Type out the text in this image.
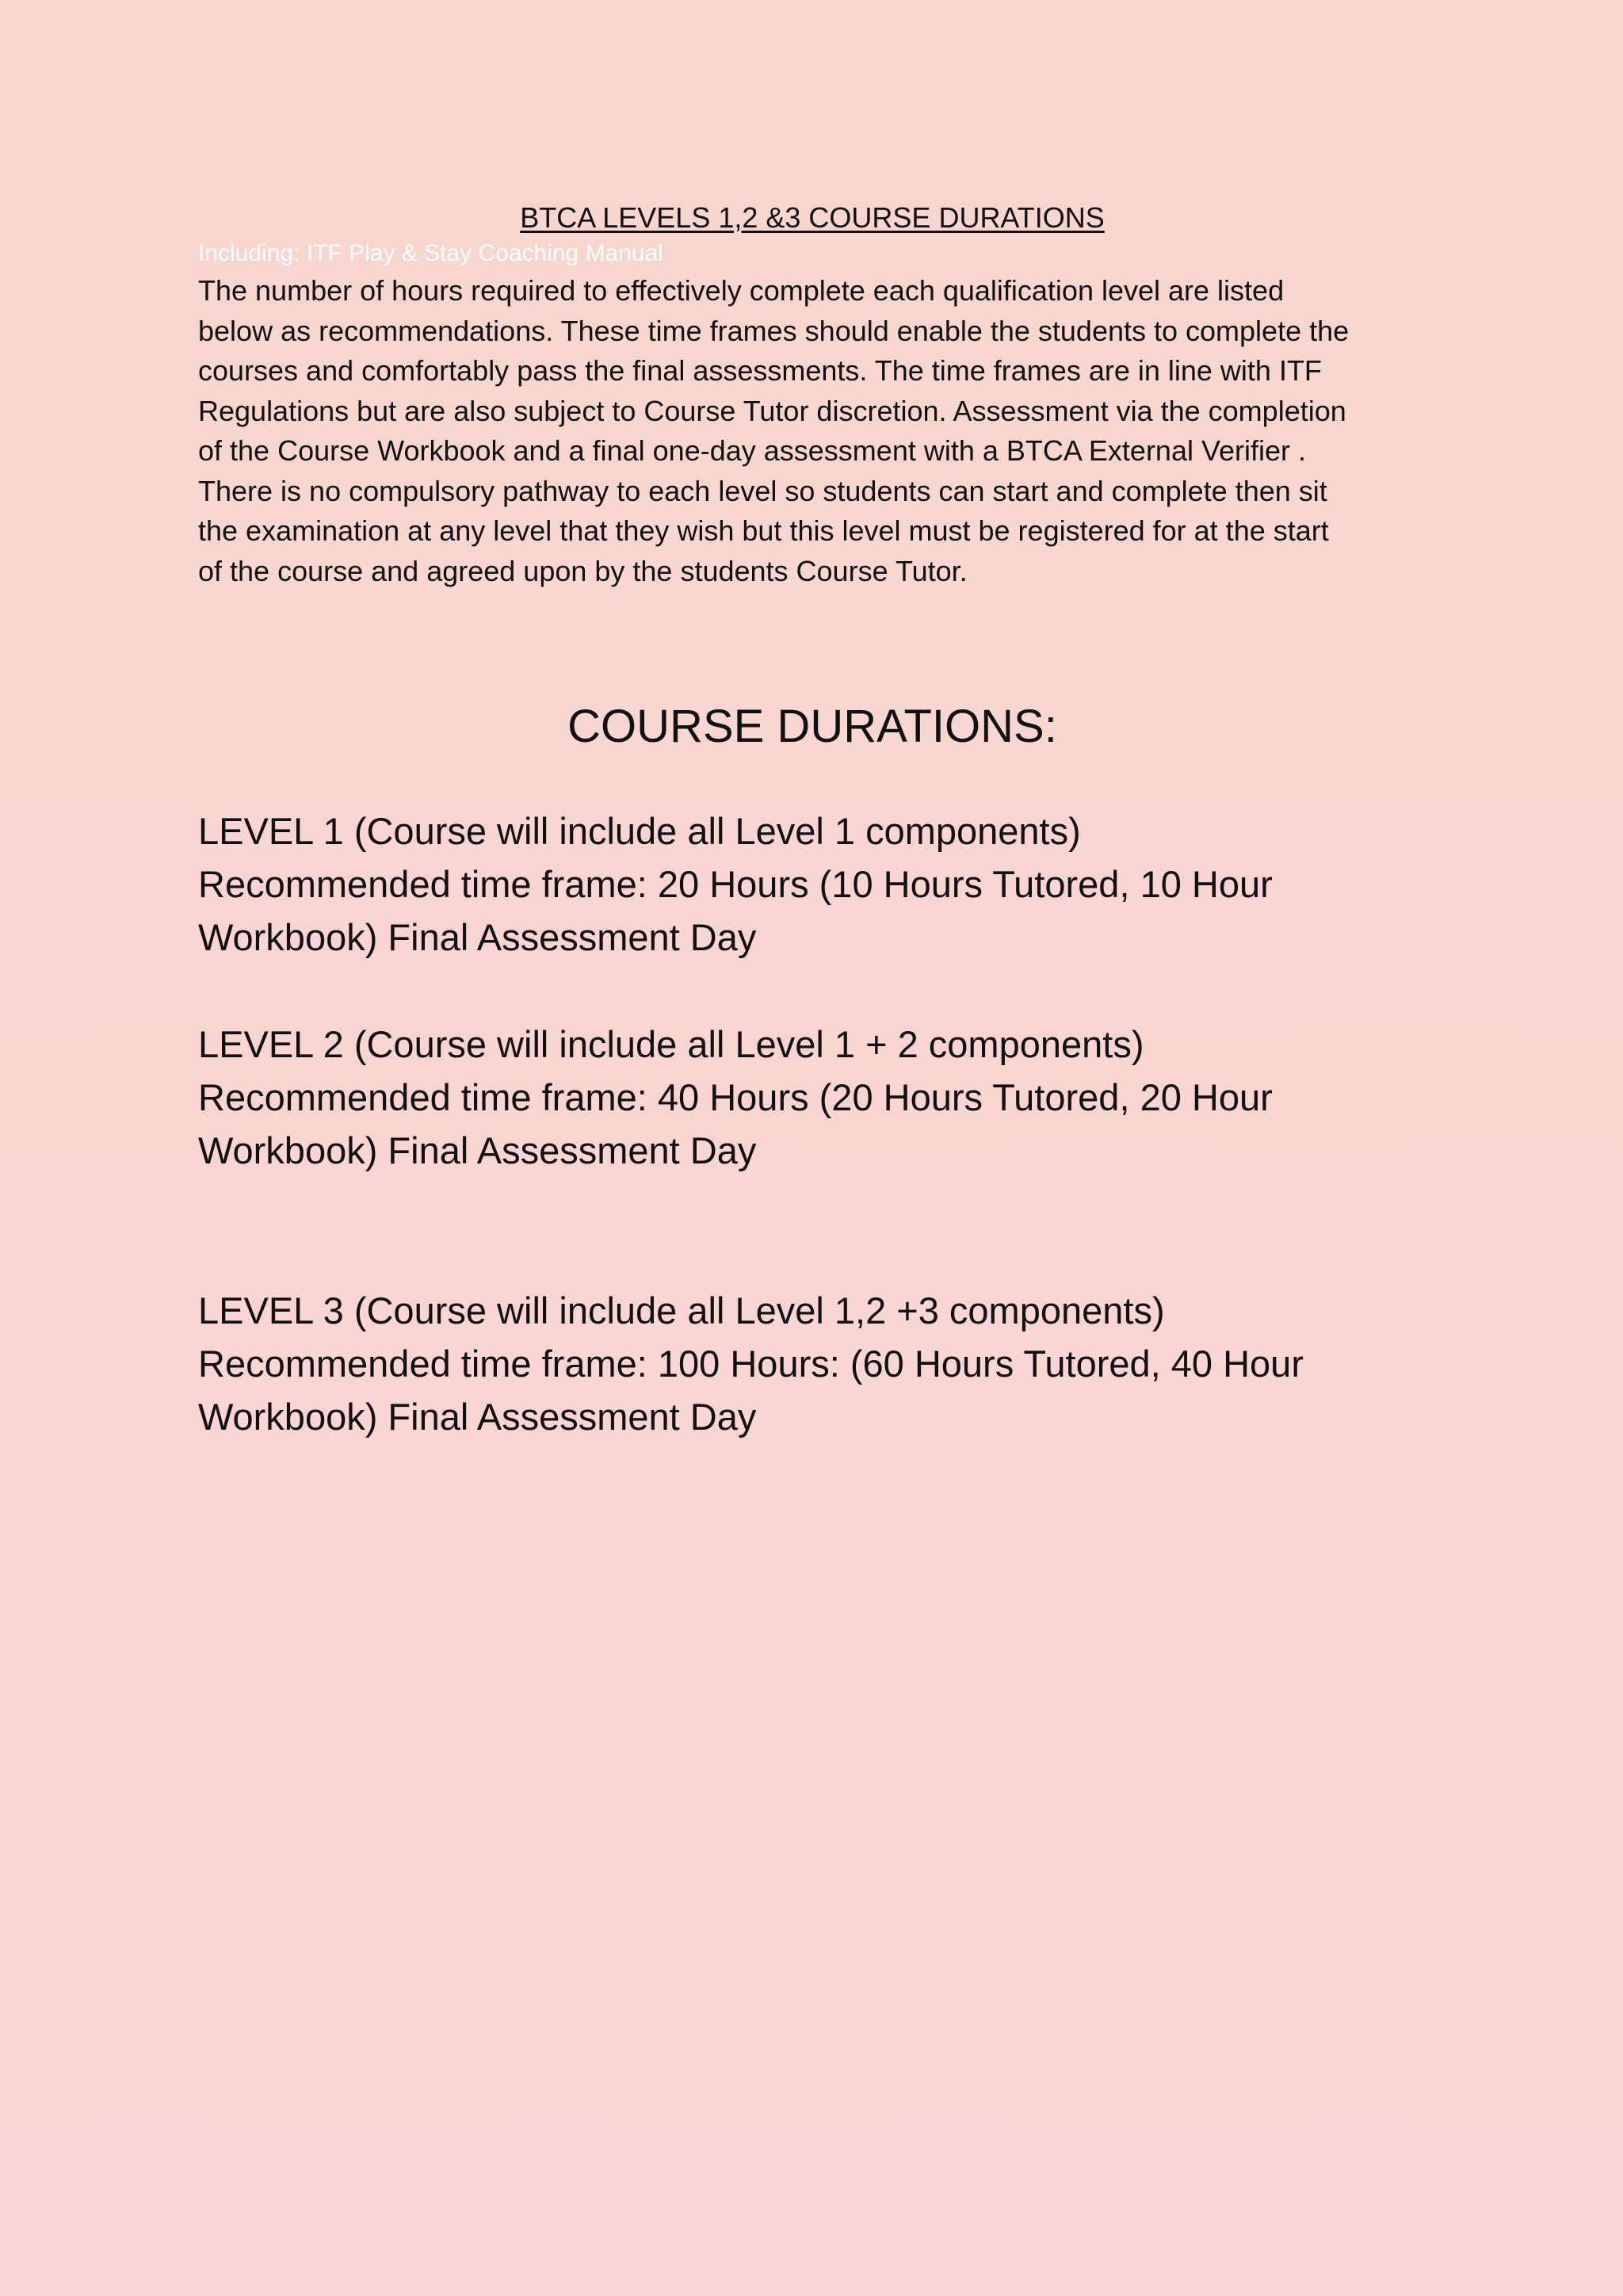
BTCA LEVELS 1,2 &3 COURSE DURATIONS

Including: ITF Play & Stay Coaching Manual

The number of hours required to effectively complete each qualification level are listed
below as recommendations. These time frames should enable the students to complete the
courses and comfortably pass the final assessments. The time frames are in line with ITF
Regulations but are also subject to Course Tutor discretion. Assessment via the completion
of the Course Workbook and a final one-day assessment with a BTCA External Verifier .
There is no compulsory pathway to each level so students can start and complete then sit
the examination at any level that they wish but this level must be registered for at the start
of the course and agreed upon by the students Course Tutor.

COURSE DURATIONS:

LEVEL 1 (Course will include all Level 1 components)

Recommended time frame: 20 Hours (10 Hours Tutored, 10 Hour

Workbook) Final Assessment Day

LEVEL 2 (Course will include all Level 1 + 2 components)

Recommended time frame: 40 Hours (20 Hours Tutored, 20 Hour

Workbook) Final Assessment Day

LEVEL 3 (Course will include all Level 1,2 +3 components)

Recommended time frame: 100 Hours: (60 Hours Tutored, 40 Hour

Workbook) Final Assessment Day
